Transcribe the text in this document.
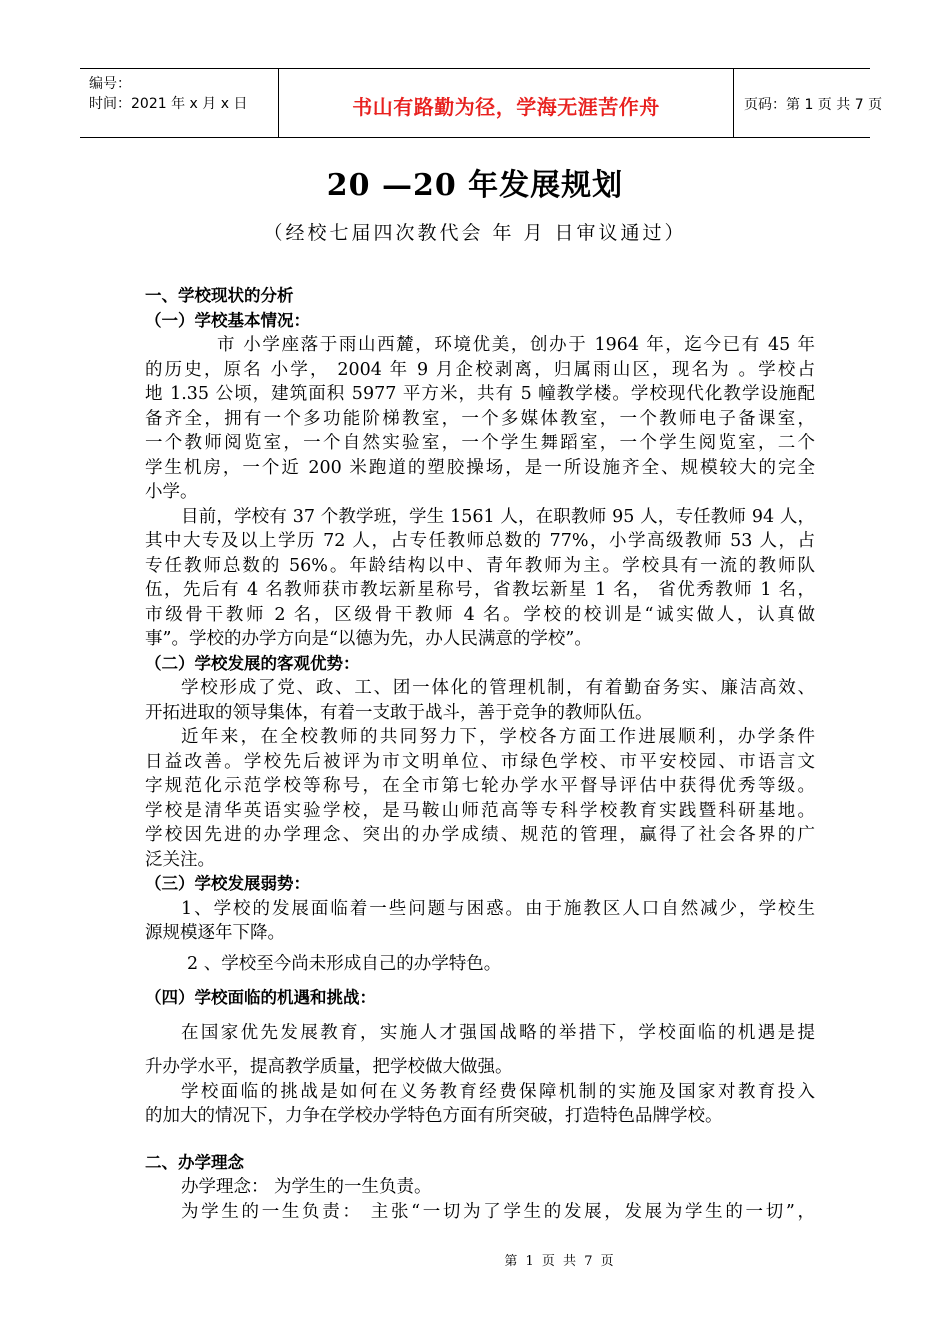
编号：
时间：2021 年 x 月 x 日	书山有路勤为径，学海无涯苦作舟	页码：第 1 页 共 7 页
20 —20 年发展规划
（经校七届四次教代会 年 月 日审议通过）
一、学校现状的分析
（一）学校基本情况：
市 小学座落于雨山西麓，环境优美，创办于 1964 年，迄今已有 45 年
的历史，原名 小学， 2004 年 9 月企校剥离，归属雨山区，现名为 。学校占
地 1.35 公顷，建筑面积 5977 平方米，共有 5 幢教学楼。学校现代化教学设施配
备齐全，拥有一个多功能阶梯教室，一个多媒体教室，一个教师电子备课室，
一个教师阅览室，一个自然实验室，一个学生舞蹈室，一个学生阅览室，二个
学生机房，一个近 200 米跑道的塑胶操场，是一所设施齐全、规模较大的完全
小学。
目前，学校有 37 个教学班，学生 1561 人，在职教师 95 人，专任教师 94 人，
其中大专及以上学历 72 人，占专任教师总数的 77%，小学高级教师 53 人，占
专任教师总数的 56%。年龄结构以中、青年教师为主。学校具有一流的教师队
伍，先后有 4 名教师获市教坛新星称号，省教坛新星 1 名， 省优秀教师 1 名，
市级骨干教师 2 名，区级骨干教师 4 名。学校的校训是“诚实做人，认真做
事”。学校的办学方向是“以德为先，办人民满意的学校”。
（二）学校发展的客观优势：
学校形成了党、政、工、团一体化的管理机制，有着勤奋务实、廉洁高效、
开拓进取的领导集体，有着一支敢于战斗，善于竞争的教师队伍。
近年来，在全校教师的共同努力下，学校各方面工作进展顺利，办学条件
日益改善。学校先后被评为市文明单位、市绿色学校、市平安校园、市语言文
字规范化示范学校等称号，在全市第七轮办学水平督导评估中获得优秀等级。
学校是清华英语实验学校，是马鞍山师范高等专科学校教育实践暨科研基地。
学校因先进的办学理念、突出的办学成绩、规范的管理，赢得了社会各界的广
泛关注。
（三）学校发展弱势：
1、学校的发展面临着一些问题与困惑。由于施教区人口自然减少，学校生
源规模逐年下降。
2 、学校至今尚未形成自己的办学特色。
（四）学校面临的机遇和挑战：
在国家优先发展教育，实施人才强国战略的举措下，学校面临的机遇是提
升办学水平，提高教学质量，把学校做大做强。
学校面临的挑战是如何在义务教育经费保障机制的实施及国家对教育投入
的加大的情况下，力争在学校办学特色方面有所突破，打造特色品牌学校。
二、办学理念
办学理念： 为学生的一生负责。
为学生的一生负责： 主张“一切为了学生的发展，发展为学生的一切”，
第 1 页 共 7 页
